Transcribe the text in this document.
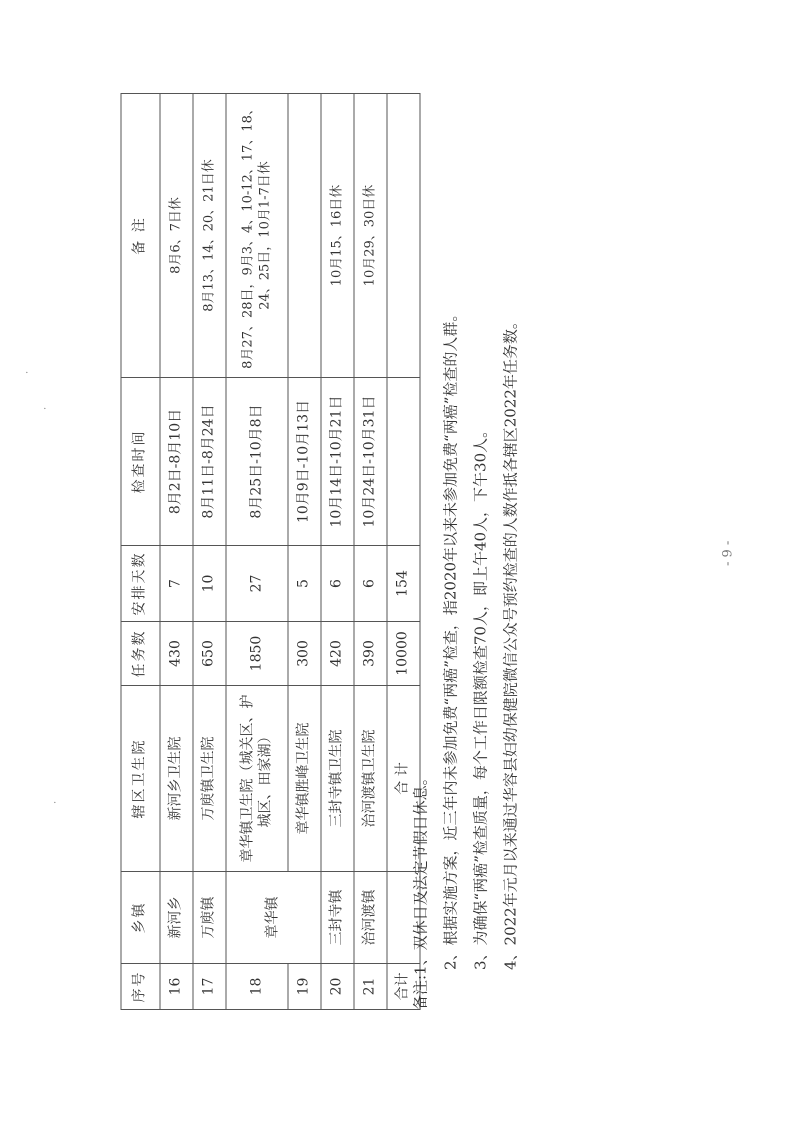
序号	乡镇	辖区卫生院	任务数	安排天数	检查时间	备 注
16	新河乡	新河乡卫生院	430	7	8月2日-8月10日	8月6、7日休
17	万庾镇	万庾镇卫生院	650	10	8月11日-8月24日	8月13、14、20、21日休
18	章华镇	章华镇卫生院（城关区、护城区、田家湖）	1850	27	8月25日-10月8日	8月27、28日，9月3、4、10-12、17、18、24、25日，10月1-7日休
19		章华镇胜峰卫生院	300	5	10月9日-10月13日	
20	三封寺镇	三封寺镇卫生院	420	6	10月14日-10月21日	10月15、16日休
21	治河渡镇	治河渡镇卫生院	390	6	10月24日-10月31日	10月29、30日休
合计		合 计	10000	154		
备注:1、双休日及法定节假日休息。 2、根据实施方案，近三年内未参加免费“两癌”检查，指2020年以来未参加免费“两癌”检查的人群。 3、为确保“两癌”检查质量，每个工作日限额检查70人，即上午40人，下午30人。 4、2022年元月以来通过华容县妇幼保健院微信公众号预约检查的人数作抵各辖区2022年任务数。	- 9 -
·
·
·
